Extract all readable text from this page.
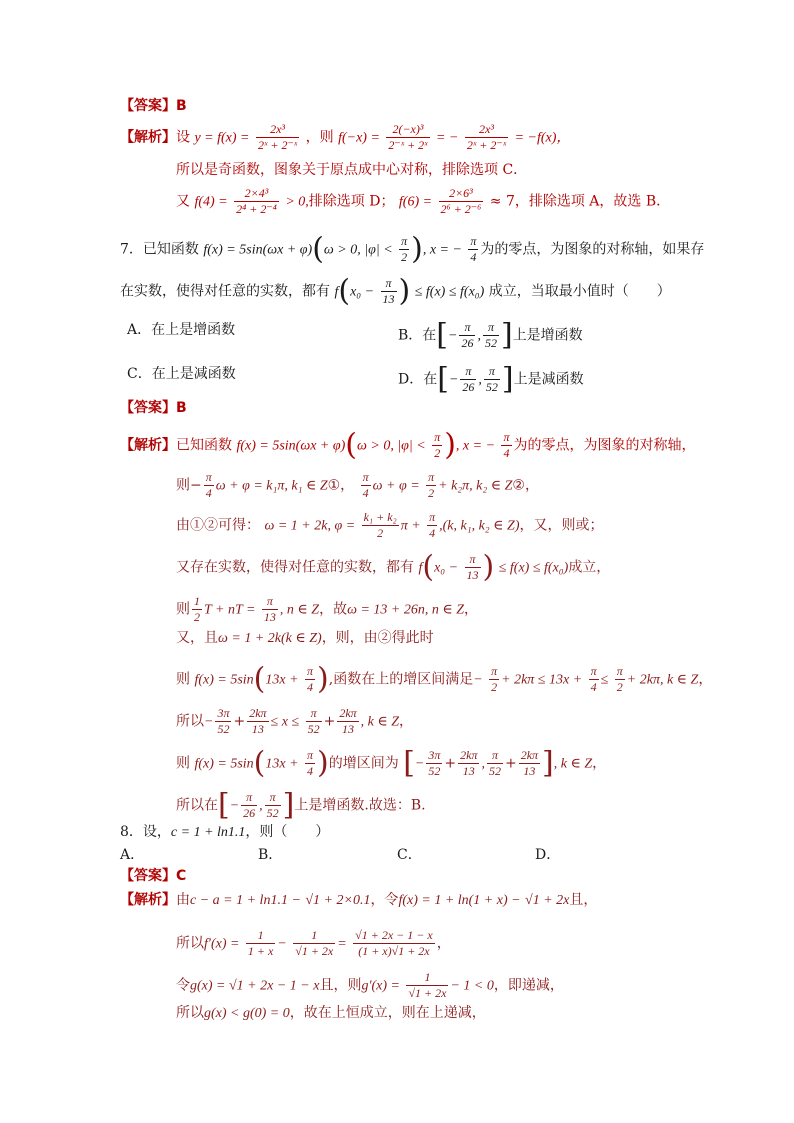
【答案】B
【解析】设 $y = f(x) = \frac{\text{2x³}}{\text{2ˣ + 2⁻ˣ}}$ ，则 $f(-x) = \frac{\text{2(−x)³}}{\text{2⁻ˣ + 2ˣ}}$ = − $\frac{\text{2x³}}{\text{2ˣ + 2⁻ˣ}} = -f(x)$，
所以是奇函数，图象关于原点成中心对称，排除选项 C．
又 $f(4) = \frac{\text{2×4³}}{\text{2⁴ + 2⁻⁴}} > 0$,排除选项 D； $f(6) = \frac{\text{2×6³}}{\text{2⁶ + 2⁻⁶}} \approx 7$，排除选项 A，故选 B．
7．已知函数 f(x) = 5sin(ωx + φ)(ω > 0, $|\varphi| < \frac{\pi}{2}$ ), x = − $\frac{\pi}{4}$ 为的零点，为图象的对称轴，如果存
在实数，使得对任意的实数，都有 $f(x_0 - \frac{\pi}{13}$ ) ≤ f(x) ≤ f(x₀) 成立，当取最小值时（　　）
A．在上是增函数	B．在[− $\frac{\pi}{26}$ , $\frac{\pi}{52}$ ]上是增函数
C．在上是减函数	D．在[− $\frac{\pi}{26}$ , $\frac{\pi}{52}$ ]上是减函数
【答案】B
【解析】已知函数 f(x) = 5sin(ωx + φ)(ω > 0, $|\varphi| < \frac{\pi}{2}$ ), x = − $\frac{\pi}{4}$ 为的零点，为图象的对称轴，
则− $\frac{\pi}{4}$ ω + φ = k₁π, k₁ ∈ Z①， $\frac{\pi}{4}$ $\omega + \varphi = \frac{\pi}{2} + k_2\pi$, k₂ ∈ Z②，
由①②可得： ω = 1 + 2k, $\varphi = \frac{\text{k₁ + k₂}}{2}$ $\pi + \frac{\pi}{4} ,(k$, k₁, k₂ ∈ Z)，又，则或；
又存在实数，使得对任意的实数，都有 $f(x_0 - \frac{\pi}{13}$ ) ≤ f(x) ≤ f(x₀)成立，
则 $\frac{1}{2}$ T + nT = $\frac{\pi}{13}$ , n ∈ Z，故ω = 13 + 26n, n ∈ Z，
又，且ω = 1 + 2k(k ∈ Z)，则，由②得此时
则 $f(x) = 5\sin(13x + \frac{\pi}{4}$ ),函数在上的增区间满足− $\frac{\pi}{2} + 2k\pi \le 13x + \frac{\pi}{4} \le \frac{\pi}{2} + 2k\pi$, k ∈ Z，
所以− $\frac{3\pi}{52} + \frac{2k\pi}{13} \le x \le \frac{\pi}{52} + \frac{2k\pi}{13}$ , k ∈ Z，
则 $f(x) = 5\sin(13x + \frac{\pi}{4}$ )的增区间为 [− $\frac{3\pi}{52} + \frac{2k\pi}{13}$ , $\frac{\pi}{52} + \frac{2k\pi}{13}$ ], k ∈ Z，
所以在[− $\frac{\pi}{26}$ , $\frac{\pi}{52}$ ]上是增函数.故选：B.
8．设，c = 1 + ln1.1，则（　　）
A．	B．	C．	D．
【答案】C
【解析】由c − a = 1 + ln1.1 − √1 + 2×0.1，令f(x) = 1 + ln(1 + x) − √1 + 2x且，
所以$f'(x) = \frac{1}{1 + x} - \frac{1}{√1 + 2x} = \frac{√1 + 2x - 1 - x}{(1 + x)√1 + 2x}$ ，
令g(x) = √1 + 2x − 1 − x且，则$g'(x) = \frac{1}{√1 + 2x} - 1 < 0$，即递减，
所以g(x) < g(0) = 0，故在上恒成立，则在上递减，
